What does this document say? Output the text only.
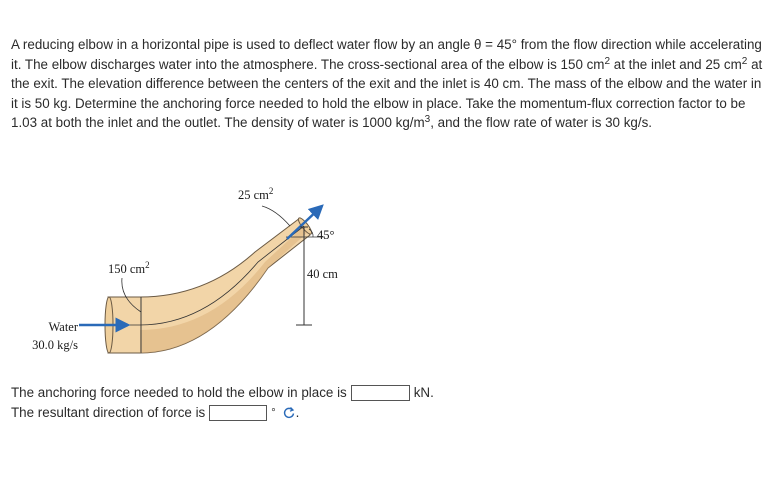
A reducing elbow in a horizontal pipe is used to deflect water flow by an angle θ = 45° from the flow direction while accelerating it. The elbow discharges water into the atmosphere. The cross-sectional area of the elbow is 150 $cm^2$ at the inlet and 25 $cm^2$ at the exit. The elevation difference between the centers of the exit and the inlet is 40 cm. The mass of the elbow and the water in it is 50 kg. Determine the anchoring force needed to hold the elbow in place. Take the momentum-flux correction factor to be 1.03 at both the inlet and the outlet. The density of water is 1000 $kg/m^3$, and the flow rate of water is 30 kg/s.

25 $cm^2$
150 $cm^2$
45°
40 cm
Water
30.0 kg/s
The anchoring force needed to hold the elbow in place is	kN.
The resultant direction of force is	° .
